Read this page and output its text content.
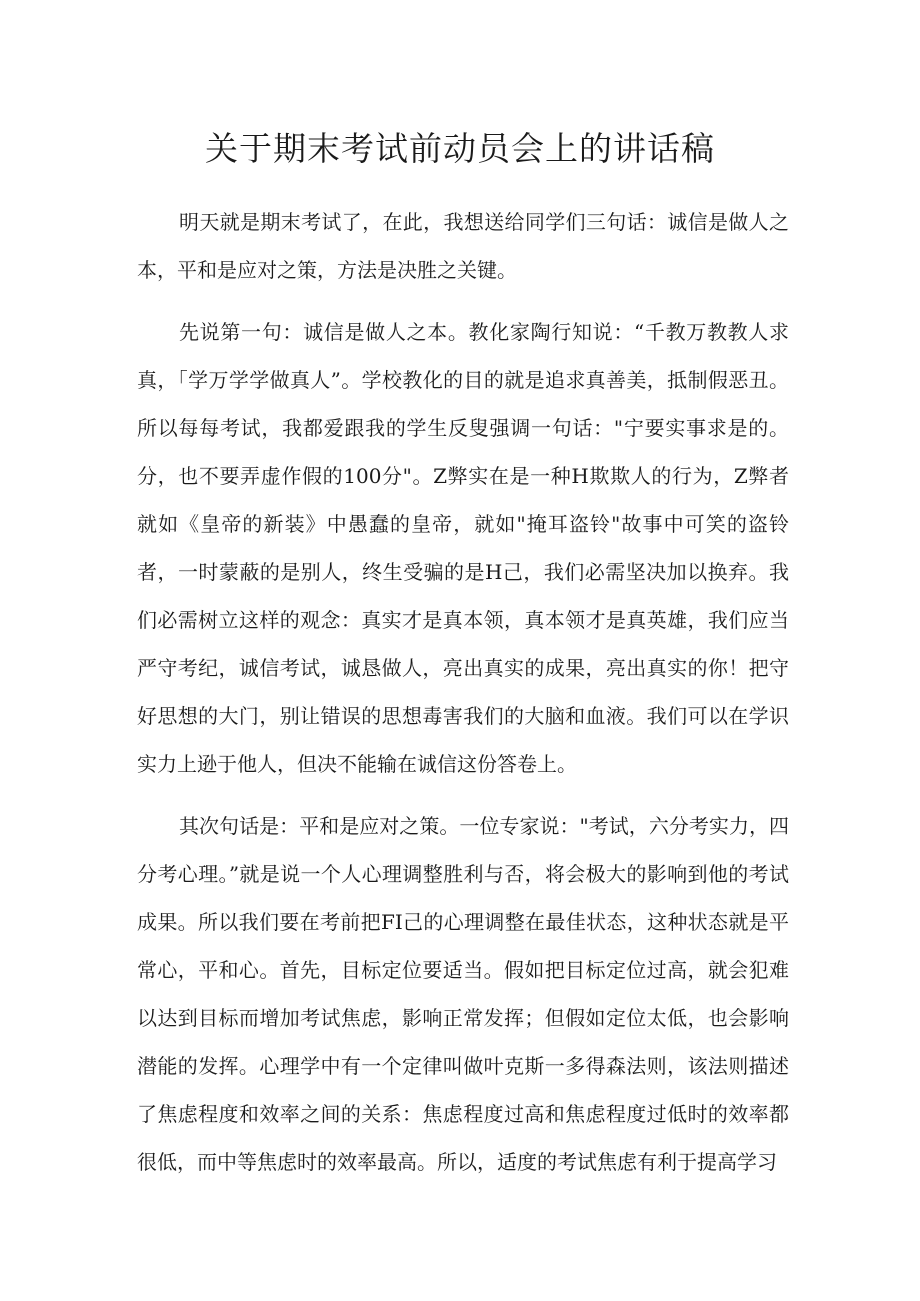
关于期末考试前动员会上的讲话稿

明天就是期末考试了，在此，我想送给同学们三句话：诚信是做人之本，平和是应对之策，方法是决胜之关键。

先说第一句：诚信是做人之本。教化家陶行知说：“千教万教教人求真，「学万学学做真人”。学校教化的目的就是追求真善美，抵制假恶丑。所以每每考试，我都爱跟我的学生反叟强调一句话："宁要实事求是的。分，也不要弄虚作假的100分"。Z弊实在是一种H欺欺人的行为，Z弊者就如《皇帝的新装》中愚蠢的皇帝，就如"掩耳盗铃"故事中可笑的盗铃者，一时蒙蔽的是别人，终生受骗的是H己，我们必需坚决加以换弃。我们必需树立这样的观念：真实才是真本领，真本领才是真英雄，我们应当严守考纪，诚信考试，诚恳做人，亮出真实的成果，亮出真实的你！把守好思想的大门，别让错误的思想毒害我们的大脑和血液。我们可以在学识实力上逊于他人，但决不能输在诚信这份答卷上。

其次句话是：平和是应对之策。一位专家说："考试，六分考实力，四分考心理。”就是说一个人心理调整胜利与否，将会极大的影响到他的考试成果。所以我们要在考前把FI己的心理调整在最佳状态，这种状态就是平常心，平和心。首先，目标定位要适当。假如把目标定位过高，就会犯难以达到目标而增加考试焦虑，影响正常发挥；但假如定位太低，也会影响潜能的发挥。心理学中有一个定律叫做叶克斯一多得森法则，该法则描述了焦虑程度和效率之间的关系：焦虑程度过高和焦虑程度过低时的效率都很低，而中等焦虑时的效率最高。所以，适度的考试焦虑有利于提高学习
